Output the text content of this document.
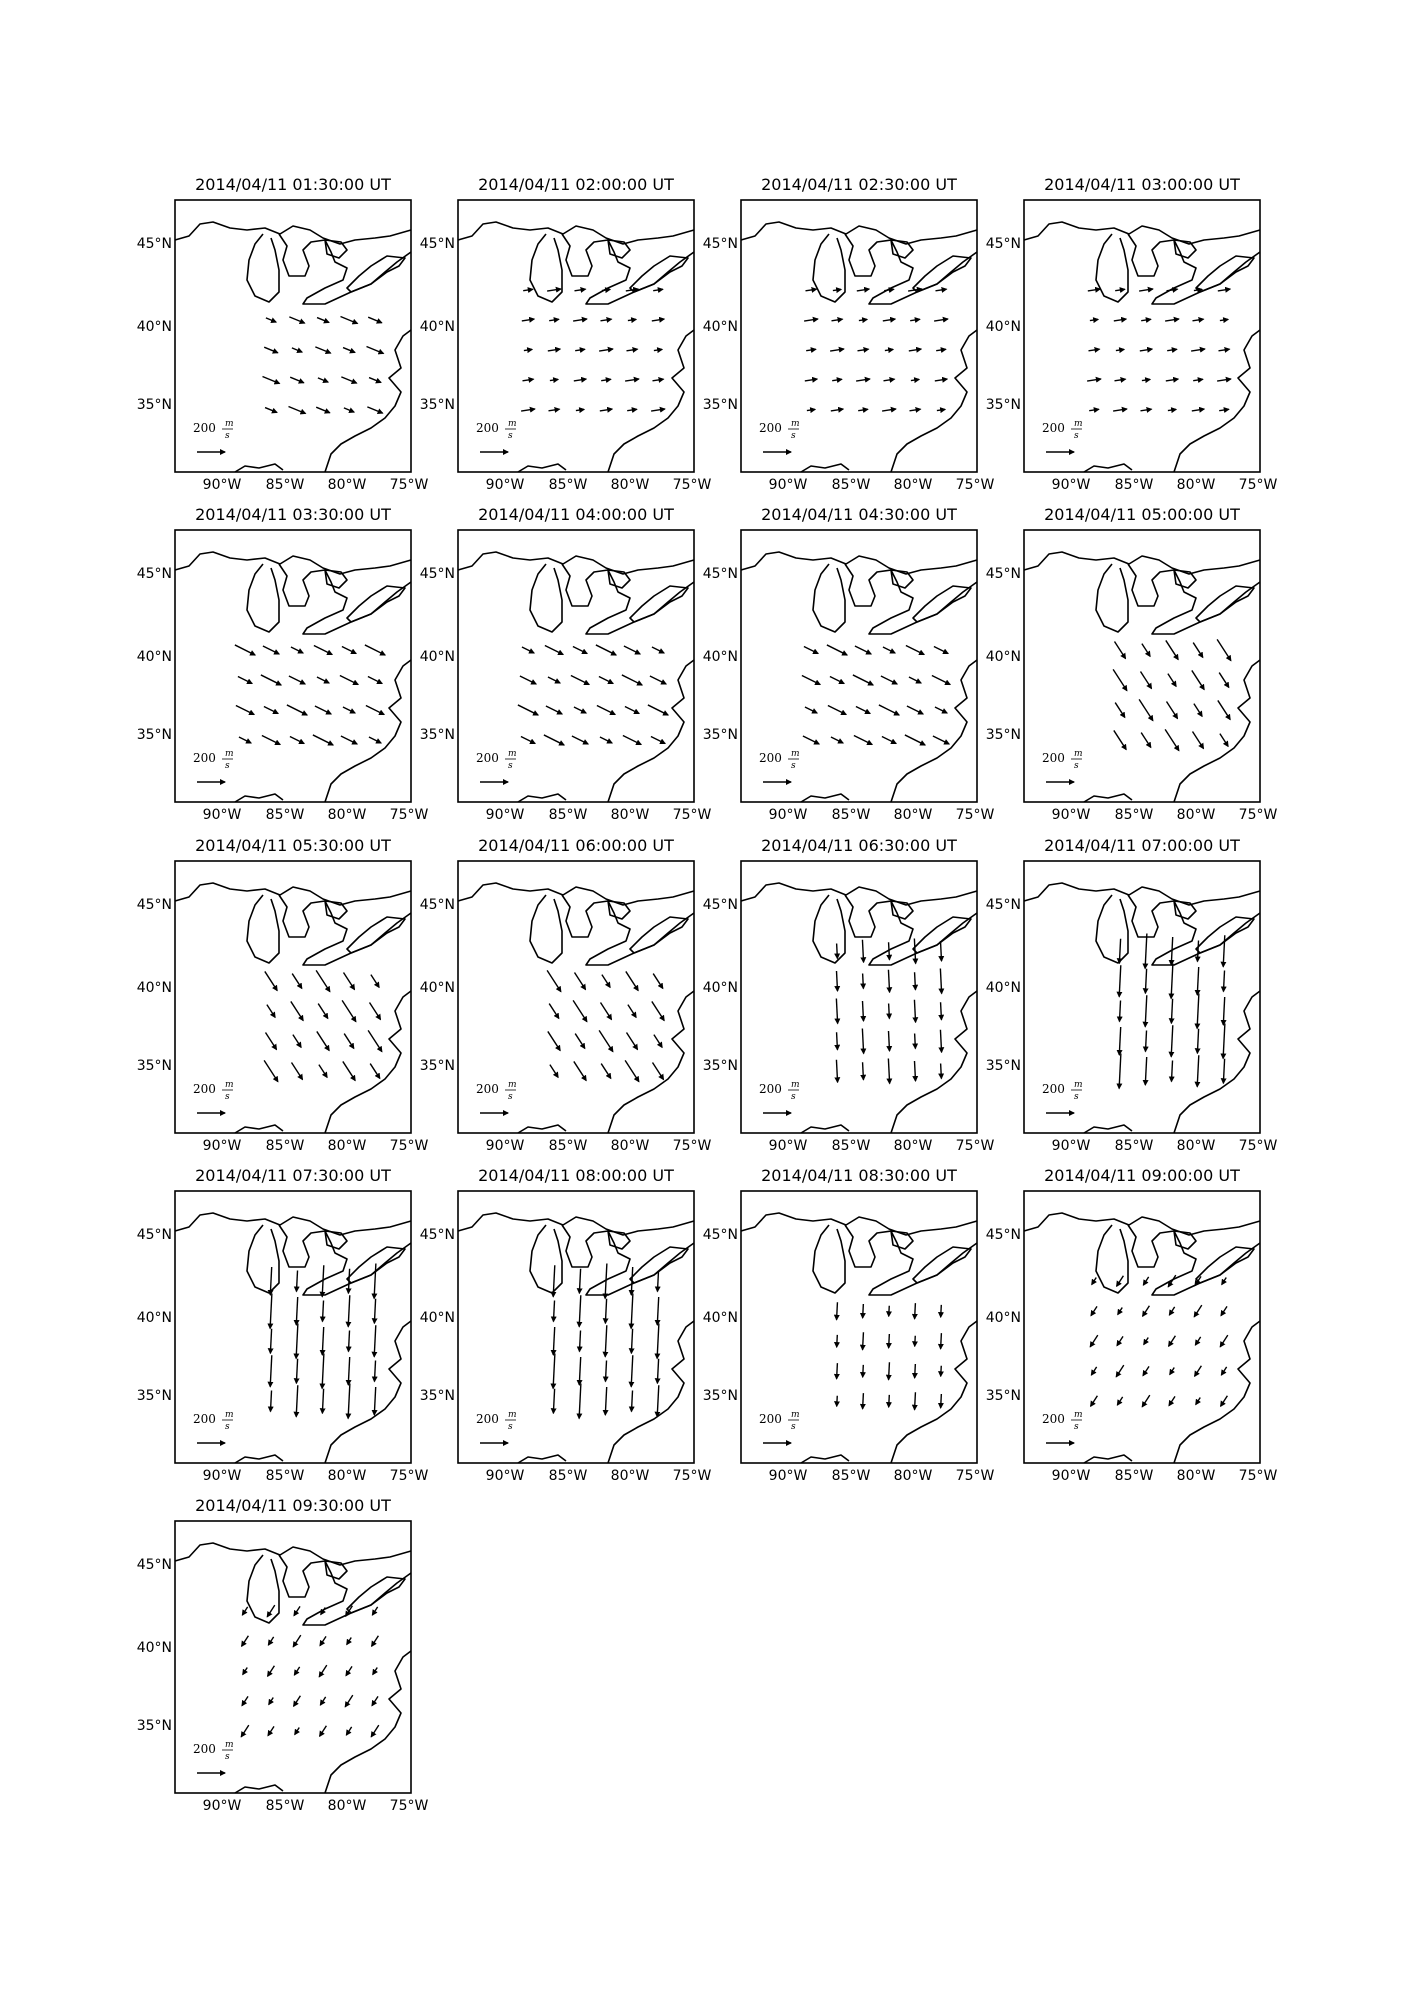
2014/04/11 01:30:00 UT
200 m
s
90°W 85°W 80°W 75°W
45°N
40°N
35°N
2014/04/11 02:00:00 UT
200 m
s
90°W 85°W 80°W 75°W
45°N
40°N
35°N
2014/04/11 02:30:00 UT
200 m
s
90°W 85°W 80°W 75°W
45°N
40°N
35°N
2014/04/11 03:00:00 UT
200 m
s
90°W 85°W 80°W 75°W
45°N
40°N
35°N
2014/04/11 03:30:00 UT
200 m
s
90°W 85°W 80°W 75°W
45°N
40°N
35°N
2014/04/11 04:00:00 UT
200 m
s
90°W 85°W 80°W 75°W
45°N
40°N
35°N
2014/04/11 04:30:00 UT
200 m
s
90°W 85°W 80°W 75°W
45°N
40°N
35°N
2014/04/11 05:00:00 UT
200 m
s
90°W 85°W 80°W 75°W
45°N
40°N
35°N
2014/04/11 05:30:00 UT
200 m
s
90°W 85°W 80°W 75°W
45°N
40°N
35°N
2014/04/11 06:00:00 UT
200 m
s
90°W 85°W 80°W 75°W
45°N
40°N
35°N
2014/04/11 06:30:00 UT
200 m
s
90°W 85°W 80°W 75°W
45°N
40°N
35°N
2014/04/11 07:00:00 UT
200 m
s
90°W 85°W 80°W 75°W
45°N
40°N
35°N
2014/04/11 07:30:00 UT
200 m
s
90°W 85°W 80°W 75°W
45°N
40°N
35°N
2014/04/11 08:00:00 UT
200 m
s
90°W 85°W 80°W 75°W
45°N
40°N
35°N
2014/04/11 08:30:00 UT
200 m
s
90°W 85°W 80°W 75°W
45°N
40°N
35°N
2014/04/11 09:00:00 UT
200 m
s
90°W 85°W 80°W 75°W
45°N
40°N
35°N
2014/04/11 09:30:00 UT
200 m
s
90°W 85°W 80°W 75°W
45°N
40°N
35°N
